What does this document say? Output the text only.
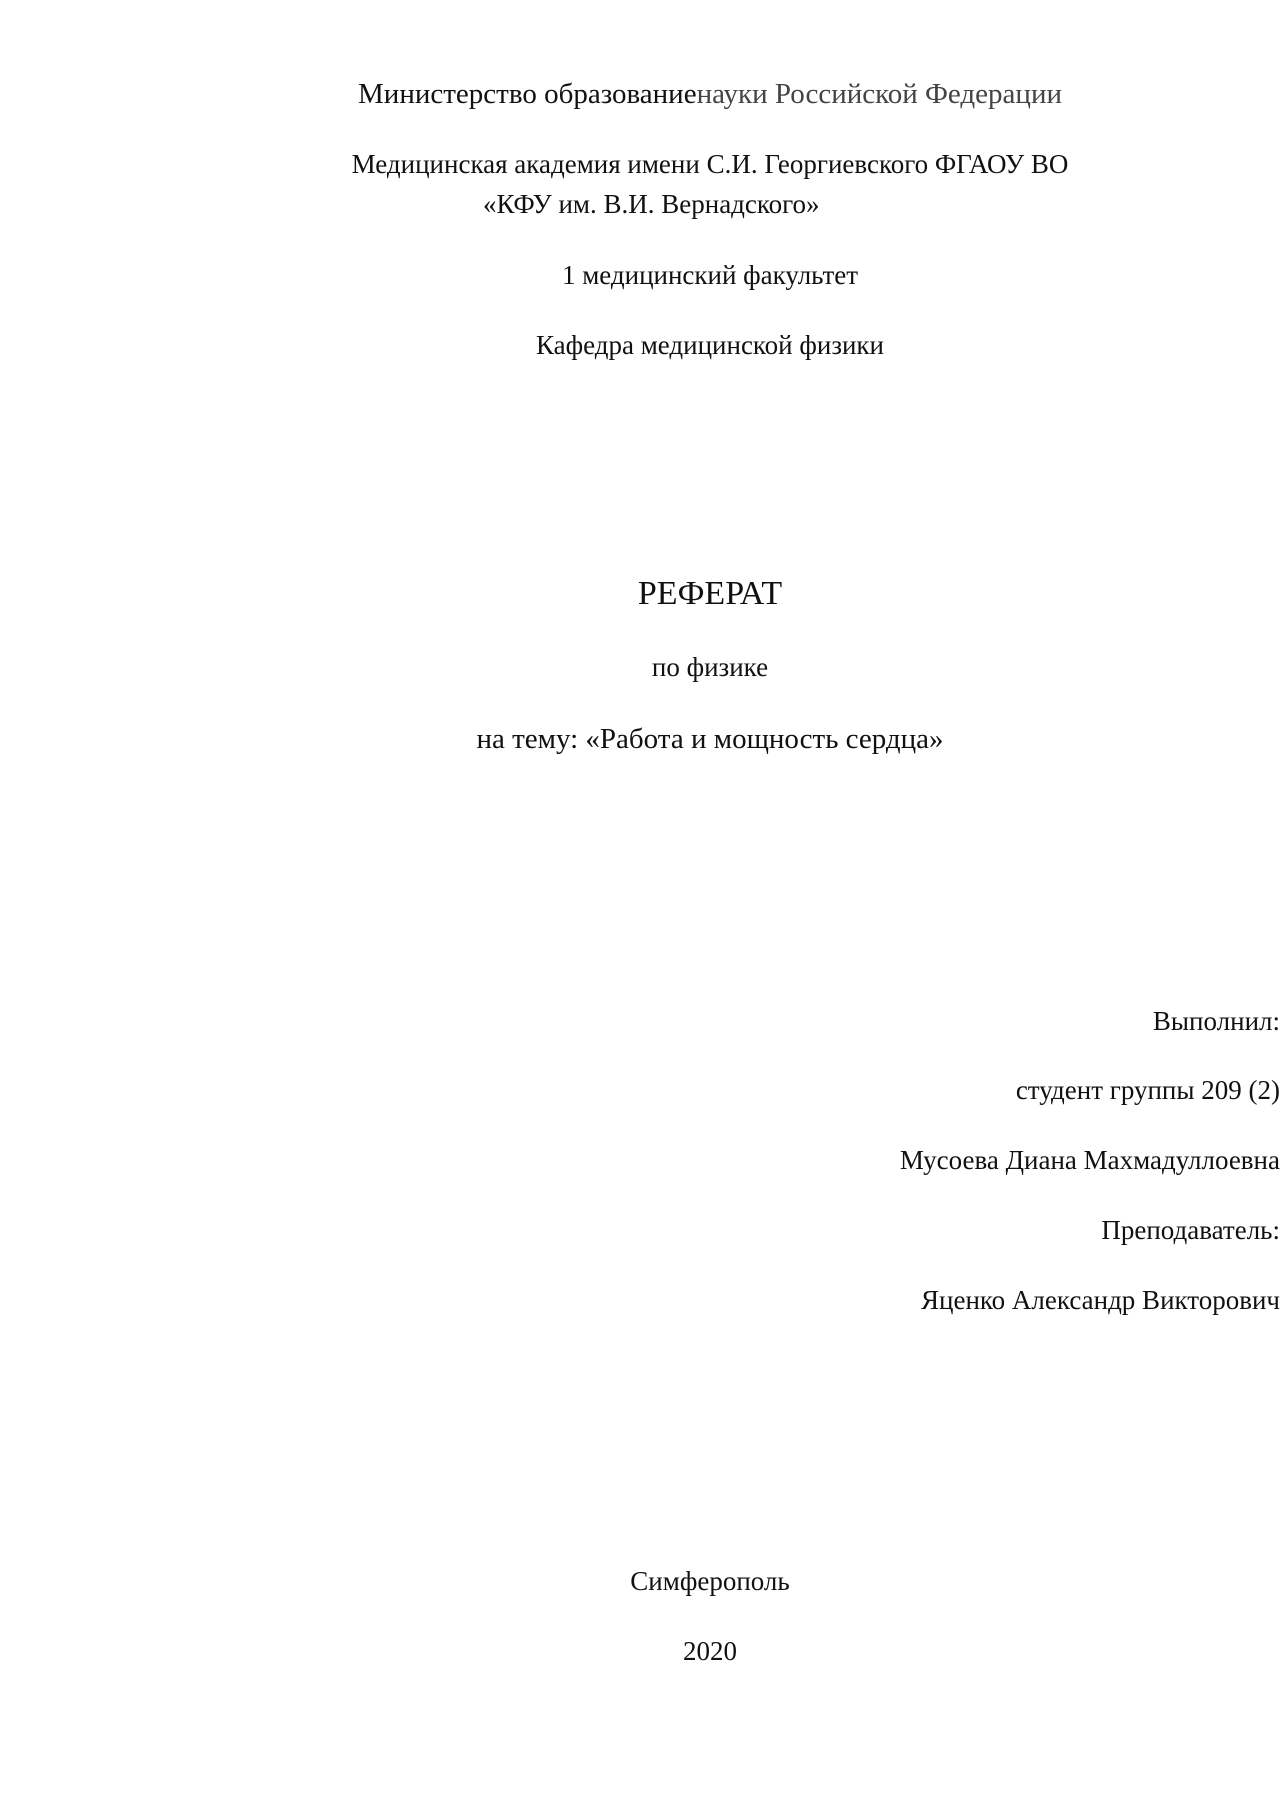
Министерство образованиенауки Российской Федерации
Медицинская академия имени С.И. Георгиевского ФГАОУ ВО
«КФУ им. В.И. Вернадского»
1 медицинский факультет
Кафедра медицинской физики
РЕФЕРАТ
по физике
на тему: «Работа и мощность сердца»
Выполнил:
студент группы 209 (2)
Мусоева Диана Махмадуллоевна
Преподаватель:
Яценко Александр Викторович
Симферополь
2020
